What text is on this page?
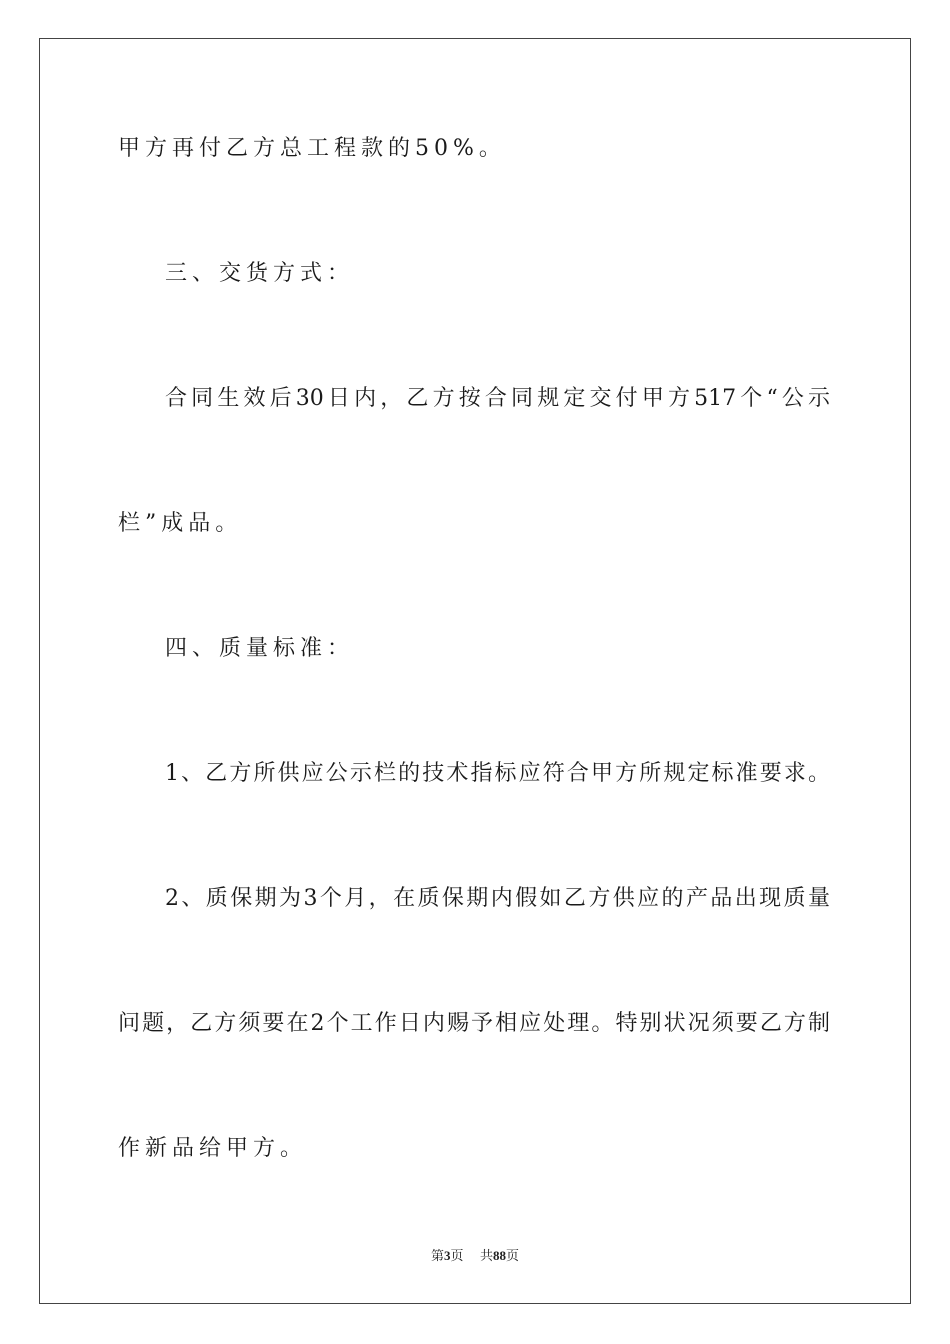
甲方再付乙方总工程款的50%。
三、交货方式：
合同生效后30日内，乙方按合同规定交付甲方517个“公示
栏”成品。
四、质量标准：
1、乙方所供应公示栏的技术指标应符合甲方所规定标准要求。
2、质保期为3个月，在质保期内假如乙方供应的产品出现质量
问题，乙方须要在2个工作日内赐予相应处理。特别状况须要乙方制
作新品给甲方。
第3页 共88页
